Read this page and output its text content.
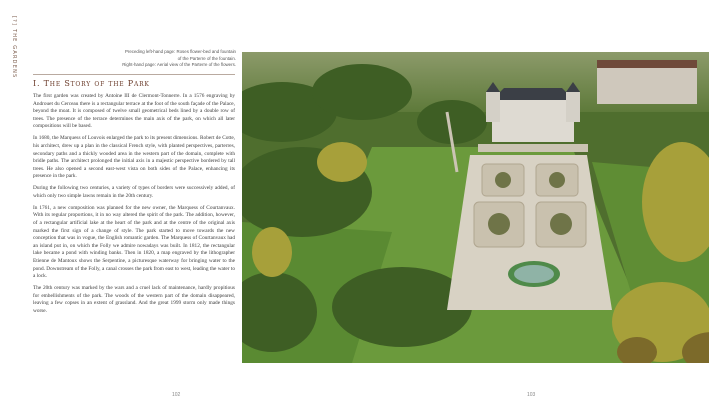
[?] THE GARDENS	Preceding left-hand page: Roses flower-bed and fountain
of the Parterre of the fountain.
Right-hand page: Aerial view of the Parterre of the flowers.
I. The Story of the Park

The first garden was created by Antoine III de Clermont-Tonnerre. In a 1576 engraving by Androuet du Cerceau there is a rectangular terrace at the foot of the south façade of the Palace, beyond the moat. It is composed of twelve small geometrical beds lined by a double row of trees. The presence of the terrace determines the main axis of the park, on which all later compositions will be based.

In 1680, the Marquess of Louvois enlarged the park to its present dimensions. Robert de Cotte, his architect, drew up a plan in the classical French style, with planted perspectives, parterres, secondary paths and a thickly wooded area in the western part of the domain, complete with bridle paths. The architect prolonged the initial axis in a majestic perspective bordered by tall trees. He also opened a second east-west vista on both sides of the Palace, enhancing its presence in the park.

During the following two centuries, a variety of types of borders were successively added, of which only two simple lawns remain in the 20th century.

In 1761, a new composition was planned for the new owner, the Marquess of Courtanvaux. With its regular proportions, it in no way altered the spirit of the park. The addition, however, of a rectangular artificial lake at the heart of the park and at the centre of the original axis marked the first sign of a change of style. The park started to move towards the new conception that was in vogue, the English romantic garden. The Marquess of Courtanvaux had an island put in, on which the Folly we admire nowadays was built. In 1812, the rectangular lake became a pond with winding banks. Then in 1820, a map engraved by the lithographer Etienne de Mantoux shows the Serpentine, a picturesque waterway for bringing water to the pond. Downstream of the Folly, a canal crosses the park from east to west, leading the water to a lock.

The 20th century was marked by the wars and a cruel lack of maintenance, hardly propitious for embellishments of the park. The woods of the western part of the domain disappeared, leaving a few copses in an extent of grassland. And the great 1999 storm only made things worse.

102	103
